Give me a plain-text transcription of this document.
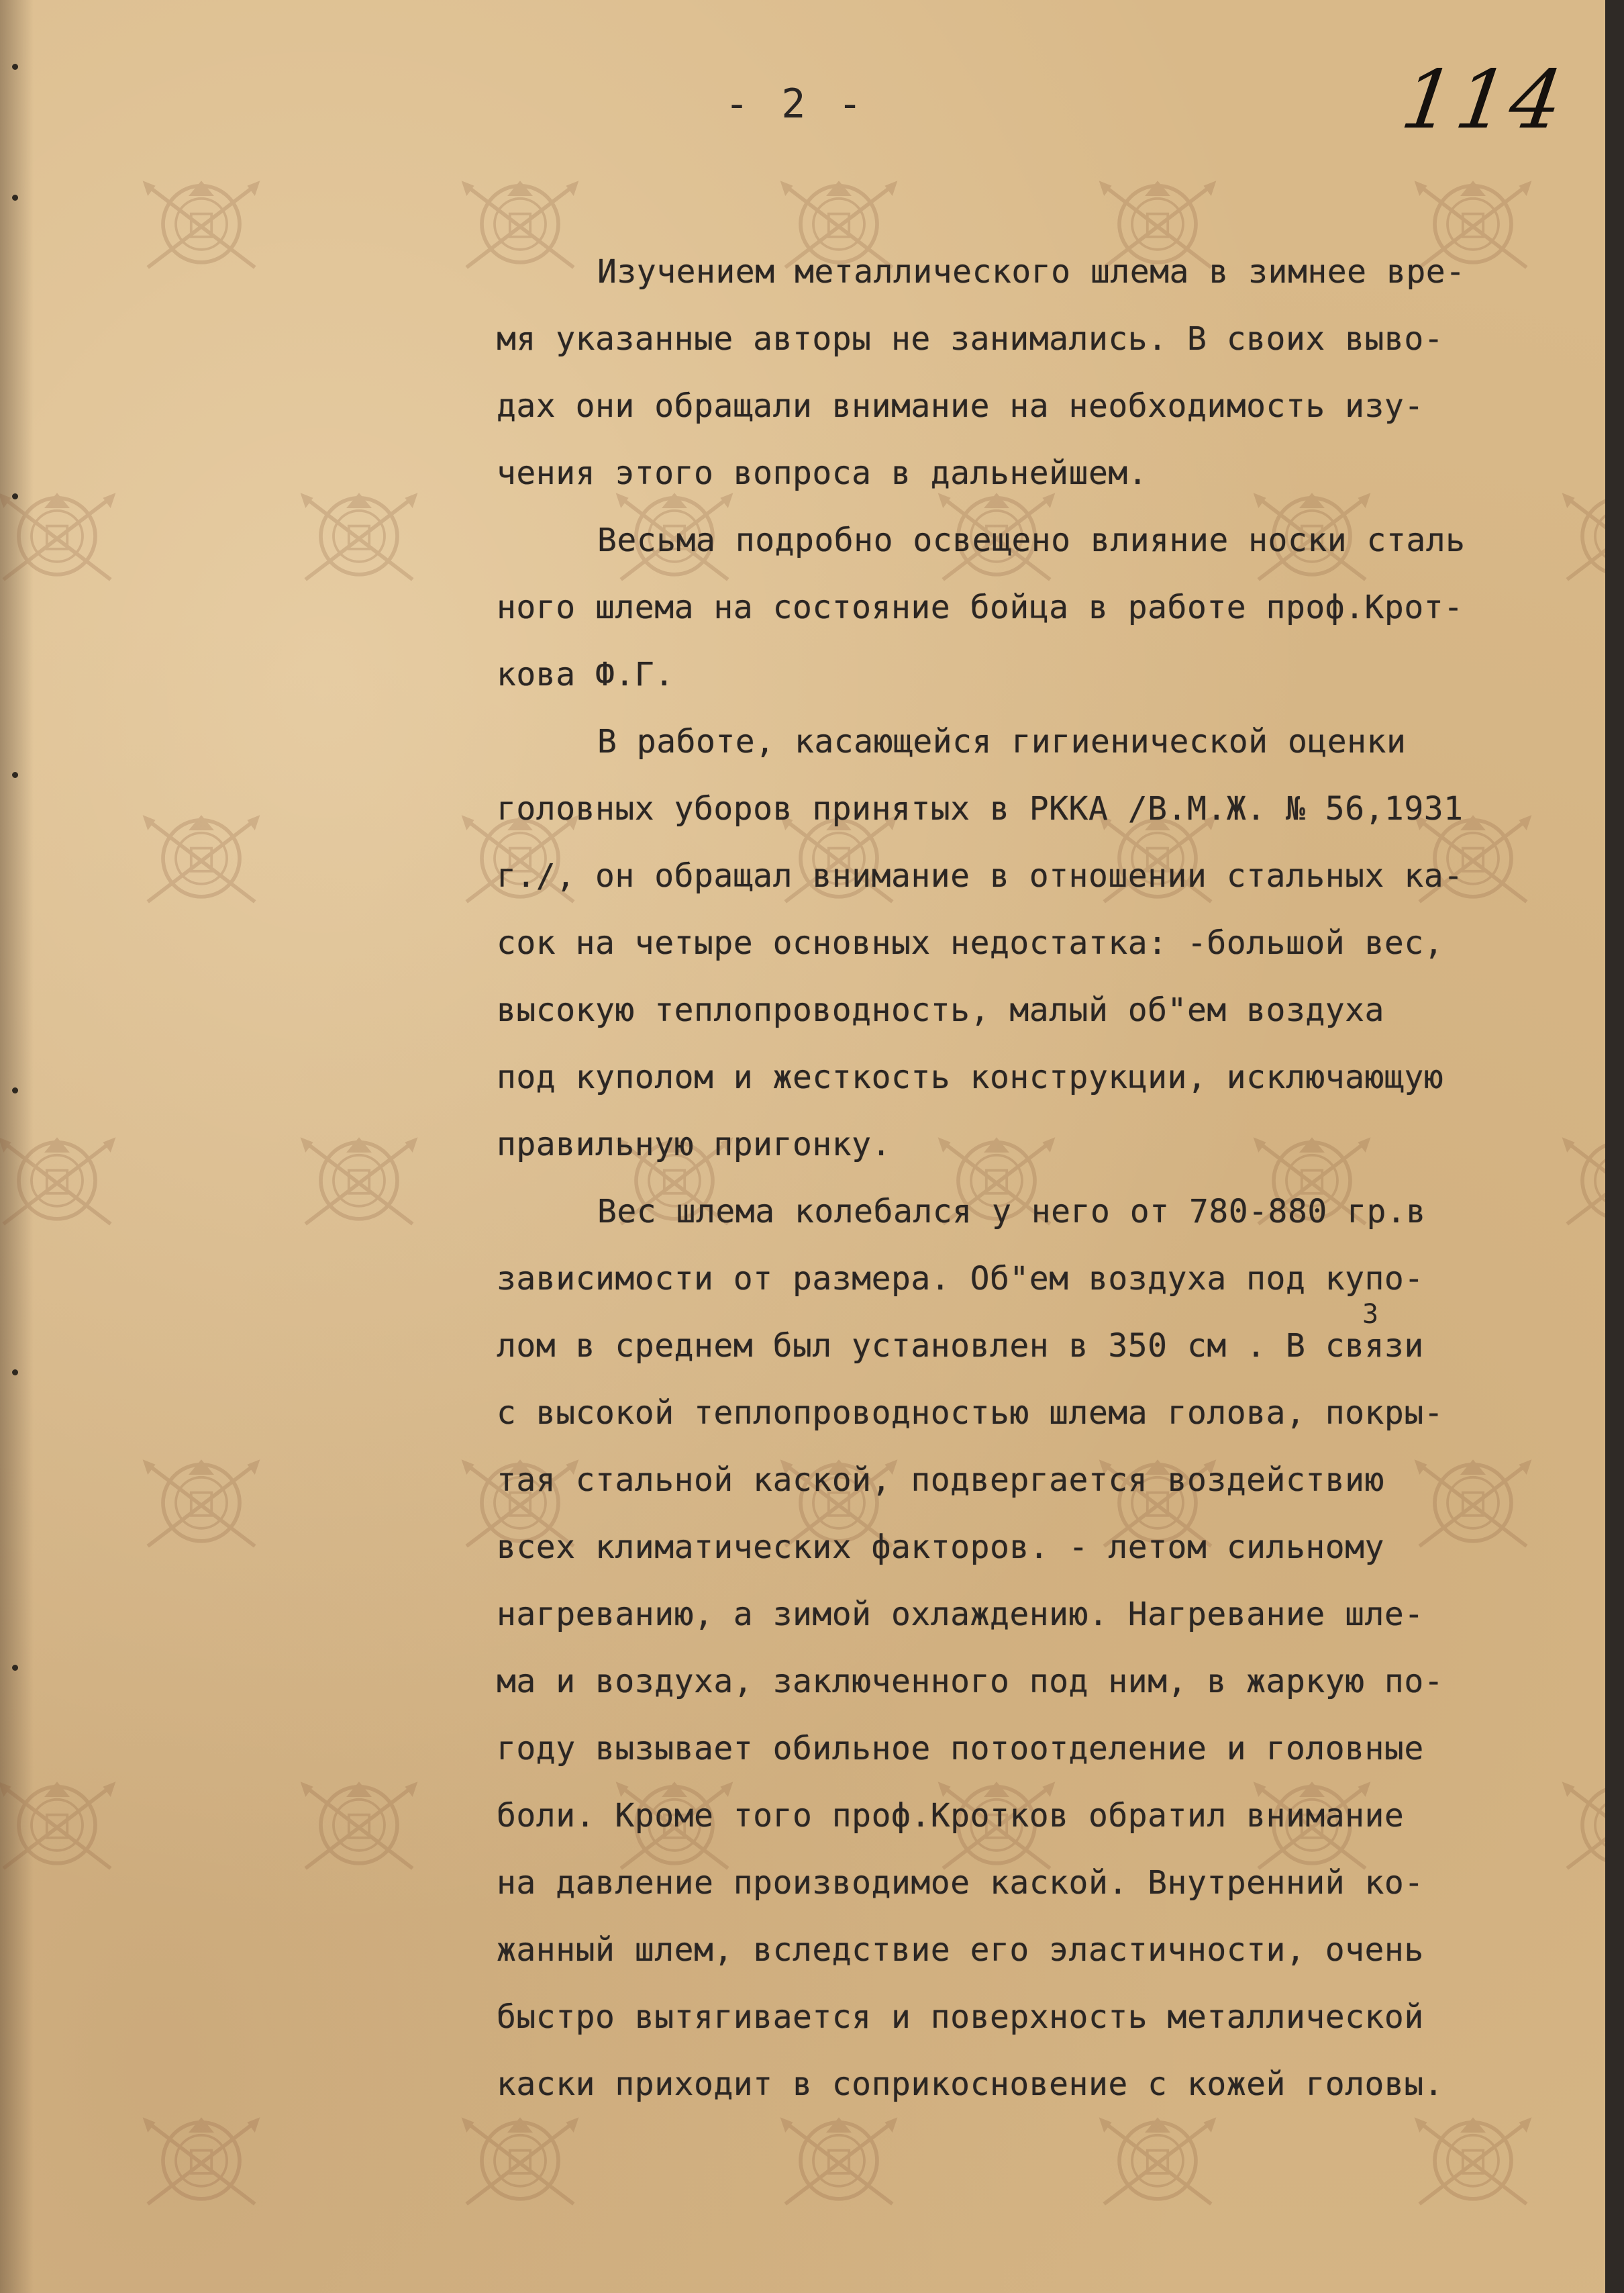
- 2 -	114
Изучением металлического шлема в зимнее вре-
мя указанные авторы не занимались. В своих выво-
дах они обращали внимание на необходимость изу-
чения этого вопроса в дальнейшем.
Весьма подробно освещено влияние носки сталь
ного шлема на состояние бойца в работе проф.Крот-
кова Ф.Г.
В работе, касающейся гигиенической оценки
головных уборов принятых в РККА /В.М.Ж. № 56,1931
г./, он обращал внимание в отношении стальных ка-
сок на четыре основных недостатка: -большой вес,
высокую теплопроводность, малый об"ем воздуха
под куполом и жесткость конструкции, исключающую
правильную пригонку.
Вес шлема колебался у него от 780-880 гр.в
зависимости от размера. Об"ем воздуха под купо-
лом в среднем был установлен в 350 см . В связи
с высокой теплопроводностью шлема голова, покры-
тая стальной каской, подвергается воздействию
всех климатических факторов. - летом сильному
нагреванию, а зимой охлаждению. Нагревание шле-
ма и воздуха, заключенного под ним, в жаркую по-
году вызывает обильное потоотделение и головные
боли. Кроме того проф.Кротков обратил внимание
на давление производимое каской. Внутренний ко-
жанный шлем, вследствие его эластичности, очень
быстро вытягивается и поверхность металлической
каски приходит в соприкосновение с кожей головы.
3
